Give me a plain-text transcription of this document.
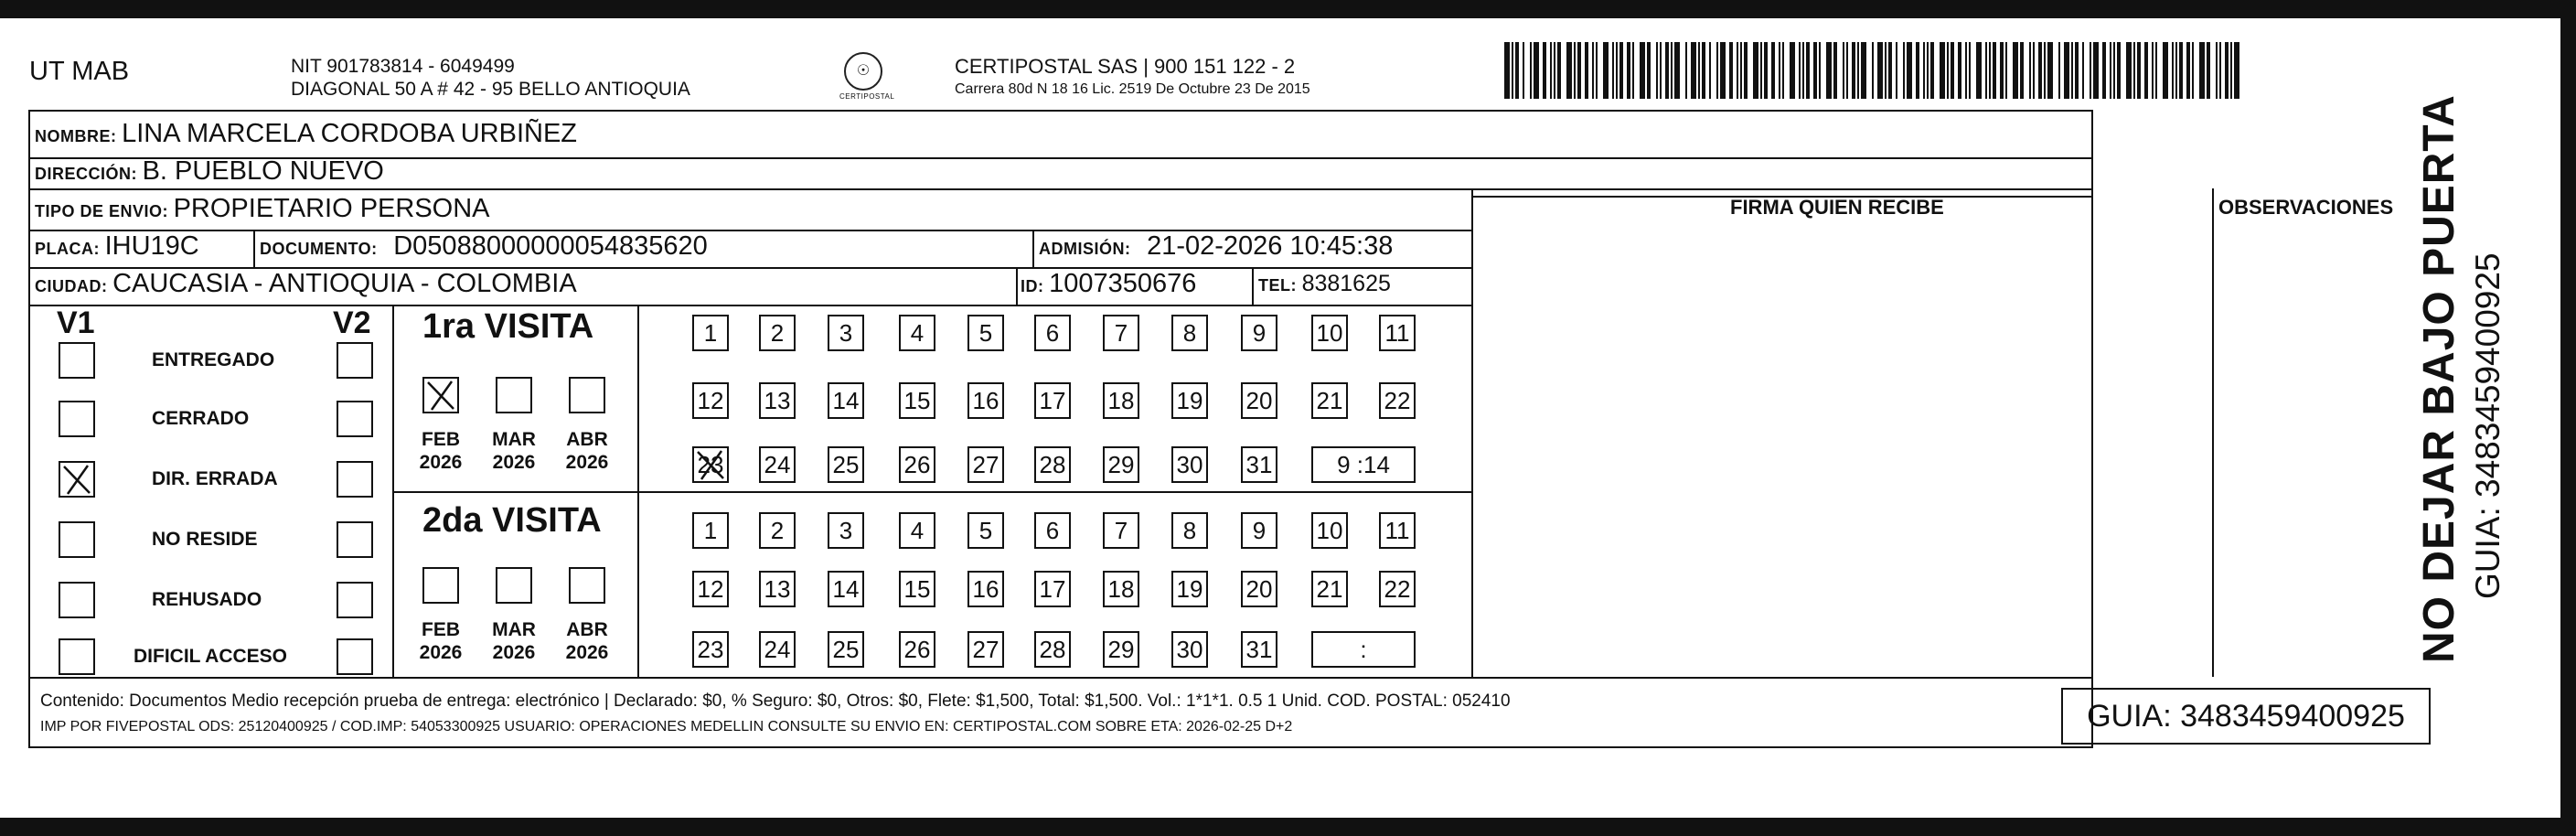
UT MAB	NIT 901783814 - 6049499
DIAGONAL 50 A # 42 - 95 BELLO ANTIOQUIA
☉
CERTIPOSTAL
CERTIPOSTAL SAS | 900 151 122 - 2
Carrera 80d N 18 16 Lic. 2519 De Octubre 23 De 2015
NO DEJAR BAJO PUERTA GUIA: 3483459400925
NOMBRE: LINA MARCELA CORDOBA URBIÑEZ
DIRECCIÓN: B. PUEBLO NUEVO
TIPO DE ENVIO: PROPIETARIO PERSONA
PLACA: IHU19C	DOCUMENTO: D05088000000054835620	ADMISIÓN: 21-02-2026 10:45:38
CIUDAD: CAUCASIA - ANTIOQUIA - COLOMBIA	ID: 1007350676	TEL: 8381625
FIRMA QUIEN RECIBE	OBSERVACIONES
V1	V2
ENTREGADO
CERRADO
DIR. ERRADA
NO RESIDE
REHUSADO
DIFICIL ACCESO
1ra VISITA
2da VISITA
1	2	3	4	5	6	7	8	9	10 11
12 13 14 15 16 17 18 19 20 21 22
23 24 25 26 27 28 29 30 31	9 :14
1	2	3	4	5	6	7	8	9	10 11
12 13 14 15 16 17 18 19 20 21 22
23 24 25 26 27 28 29 30 31	:
FEB
2026
MAR
2026
ABR
2026
FEB
2026
MAR
2026
ABR
2026
Contenido: Documentos Medio recepción prueba de entrega: electrónico | Declarado: $0, % Seguro: $0, Otros: $0, Flete: $1,500, Total: $1,500. Vol.: 1*1*1. 0.5 1 Unid. COD. POSTAL: 052410
IMP POR FIVEPOSTAL ODS: 25120400925 / COD.IMP: 54053300925 USUARIO: OPERACIONES MEDELLIN CONSULTE SU ENVIO EN: CERTIPOSTAL.COM SOBRE ETA: 2026-02-25 D+2	GUIA: 3483459400925
